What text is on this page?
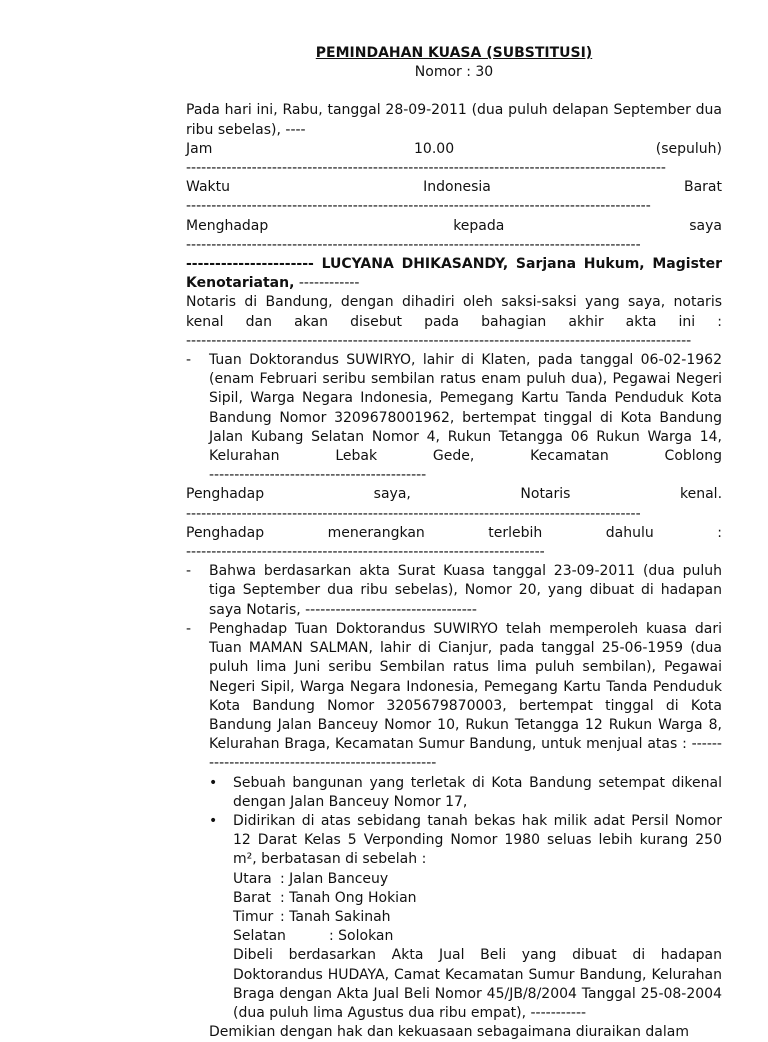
PEMINDAHAN KUASA (SUBSTITUSI)
Nomor : 30
Pada hari ini, Rabu, tanggal 28-09-2011 (dua puluh delapan September dua ribu sebelas), ----
Jam	10.00	(sepuluh)
-----------------------------------------------------------------------------------------------
Waktu	Indonesia	Barat
--------------------------------------------------------------------------------------------
Menghadap	kepada	saya
------------------------------------------------------------------------------------------
---------------------- LUCYANA DHIKASANDY, Sarjana Hukum, Magister Kenotariatan, ------------
Notaris di Bandung, dengan dihadiri oleh saksi-saksi yang saya, notaris kenal dan akan disebut pada bahagian akhir akta ini :
----------------------------------------------------------------------------------------------------
- Tuan Doktorandus SUWIRYO, lahir di Klaten, pada tanggal 06-02-1962 (enam Februari seribu sembilan ratus enam puluh dua), Pegawai Negeri Sipil, Warga Negara Indonesia, Pemegang Kartu Tanda Penduduk Kota Bandung Nomor 3209678001962, bertempat tinggal di Kota Bandung Jalan Kubang Selatan Nomor 4, Rukun Tetangga 06 Rukun Warga 14, Kelurahan Lebak Gede, Kecamatan Coblong
-------------------------------------------
Penghadap	saya,	Notaris	kenal.
------------------------------------------------------------------------------------------
Penghadap	menerangkan	terlebih	dahulu	:
-----------------------------------------------------------------------
- Bahwa berdasarkan akta Surat Kuasa tanggal 23-09-2011 (dua puluh tiga September dua ribu sebelas), Nomor 20, yang dibuat di hadapan saya Notaris, ----------------------------------
- Penghadap Tuan Doktorandus SUWIRYO telah memperoleh kuasa dari Tuan MAMAN SALMAN, lahir di Cianjur, pada tanggal 25-06-1959 (dua puluh lima Juni seribu Sembilan ratus lima puluh sembilan), Pegawai Negeri Sipil, Warga Negara Indonesia, Pemegang Kartu Tanda Penduduk Kota Bandung Nomor 3205679870003, bertempat tinggal di Kota Bandung Jalan Banceuy Nomor 10, Rukun Tetangga 12 Rukun Warga 8, Kelurahan Braga, Kecamatan Sumur Bandung, untuk menjual atas : ---------------------------------------------------
• Sebuah bangunan yang terletak di Kota Bandung setempat dikenal dengan Jalan Banceuy Nomor 17,
• Didirikan di atas sebidang tanah bekas hak milik adat Persil Nomor 12 Darat Kelas 5 Verponding Nomor 1980 seluas lebih kurang 250 m², berbatasan di sebelah :
Utara : Jalan Banceuy
Barat : Tanah Ong Hokian
Timur : Tanah Sakinah
Selatan	: Solokan
Dibeli berdasarkan Akta Jual Beli yang dibuat di hadapan Doktorandus HUDAYA, Camat Kecamatan Sumur Bandung, Kelurahan Braga dengan Akta Jual Beli Nomor 45/JB/8/2004 Tanggal 25-08-2004 (dua puluh lima Agustus dua ribu empat), -----------
Demikian dengan hak dan kekuasaan sebagaimana diuraikan dalam
